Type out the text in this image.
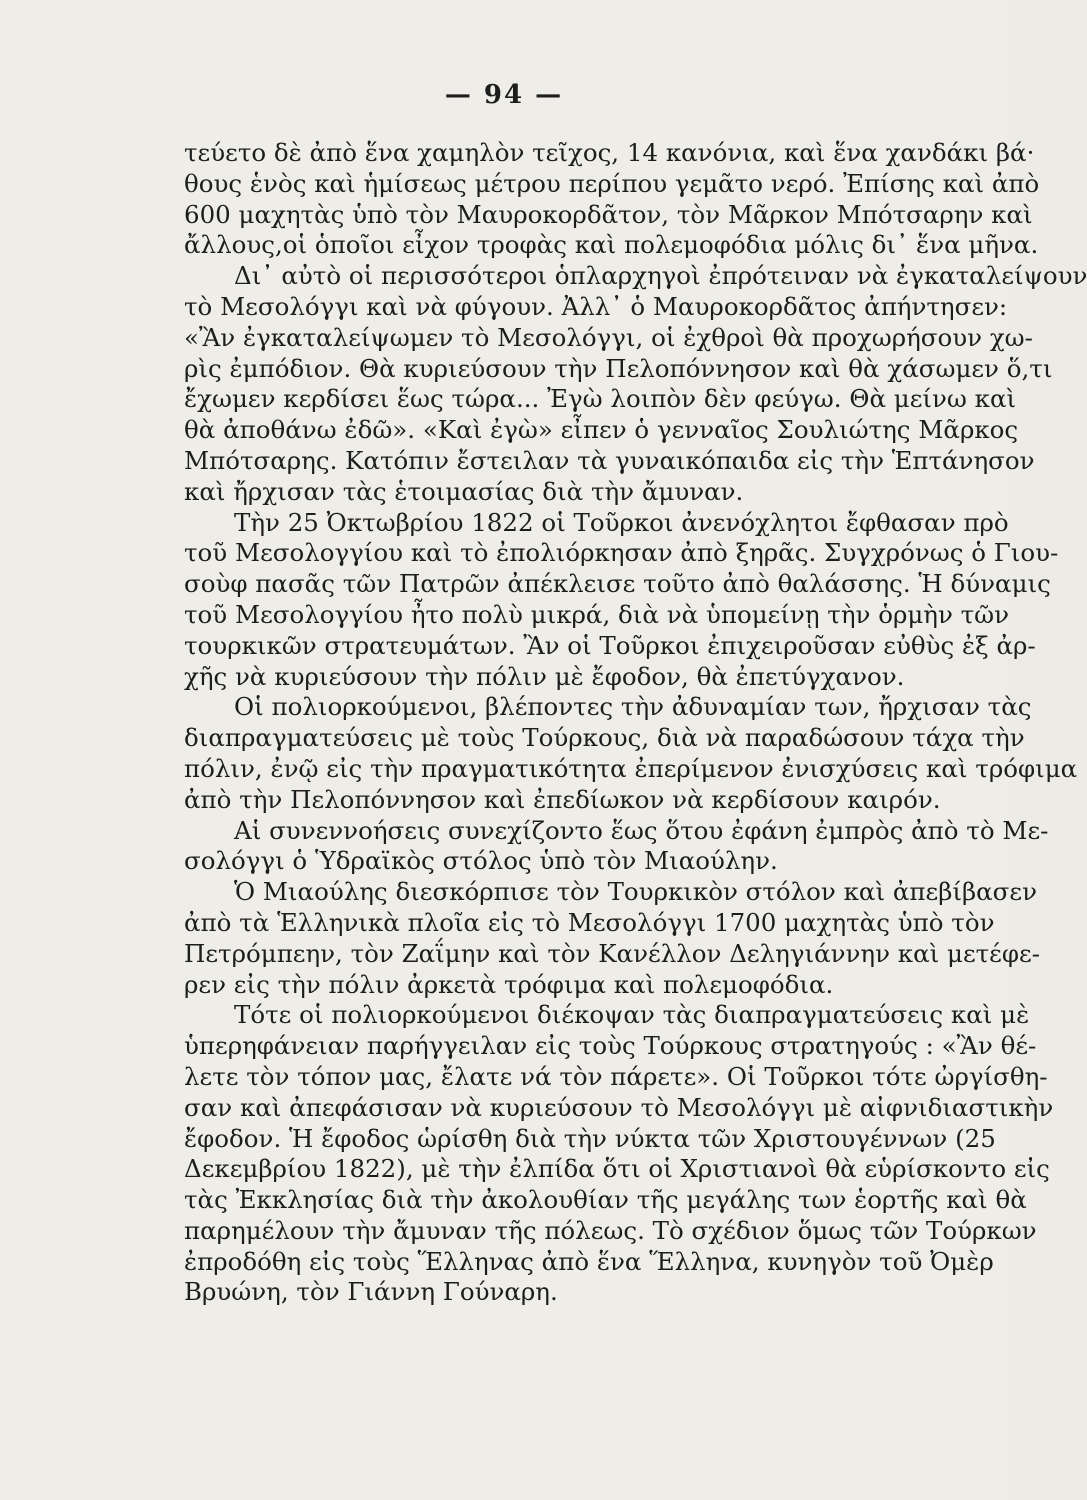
— 94 —
τεύετο δὲ ἀπὸ ἕνα χαμηλὸν τεῖχος, 14 κανόνια, καὶ ἕνα χανδάκι βά·
θους ἑνὸς καὶ ἡμίσεως μέτρου περίπου γεμᾶτο νερό. Ἐπίσης καὶ ἀπὸ
600 μαχητὰς ὑπὸ τὸν Μαυροκορδᾶτον, τὸν Μᾶρκον Μπότσαρην καὶ
ἄλλους,οἱ ὁποῖοι εἶχον τροφὰς καὶ πολεμοφόδια μόλις δι᾿ ἕνα μῆνα.
Δι᾿ αὐτὸ οἱ περισσότεροι ὁπλαρχηγοὶ ἐπρότειναν νὰ ἐγκαταλείψουν
τὸ Μεσολόγγι καὶ νὰ φύγουν. Ἀλλ᾿ ὁ Μαυροκορδᾶτος ἀπήντησεν:
«Ἂν ἐγκαταλείψωμεν τὸ Μεσολόγγι, οἱ ἐχθροὶ θὰ προχωρήσουν χω-
ρὶς ἐμπόδιον. Θὰ κυριεύσουν τὴν Πελοπόννησον καὶ θὰ χάσωμεν ὅ,τι
ἔχωμεν κερδίσει ἕως τώρα... Ἐγὼ λοιπὸν δὲν φεύγω. Θὰ μείνω καὶ
θὰ ἀποθάνω ἐδῶ». «Καὶ ἐγὼ» εἶπεν ὁ γενναῖος Σουλιώτης Μᾶρκος
Μπότσαρης. Κατόπιν ἔστειλαν τὰ γυναικόπαιδα εἰς τὴν Ἑπτάνησον
καὶ ἤρχισαν τὰς ἑτοιμασίας διὰ τὴν ἄμυναν.
Τὴν 25 Ὀκτωβρίου 1822 οἱ Τοῦρκοι ἀνενόχλητοι ἔφθασαν πρὸ
τοῦ Μεσολογγίου καὶ τὸ ἐπολιόρκησαν ἀπὸ ξηρᾶς. Συγχρόνως ὁ Γιου-
σοὺφ πασᾶς τῶν Πατρῶν ἀπέκλεισε τοῦτο ἀπὸ θαλάσσης. Ἡ δύναμις
τοῦ Μεσολογγίου ἦτο πολὺ μικρά, διὰ νὰ ὑπομείνῃ τὴν ὁρμὴν τῶν
τουρκικῶν στρατευμάτων. Ἂν οἱ Τοῦρκοι ἐπιχειροῦσαν εὐθὺς ἐξ ἀρ-
χῆς νὰ κυριεύσουν τὴν πόλιν μὲ ἔφοδον, θὰ ἐπετύγχανον.
Οἱ πολιορκούμενοι, βλέποντες τὴν ἀδυναμίαν των, ἤρχισαν τὰς
διαπραγματεύσεις μὲ τοὺς Τούρκους, διὰ νὰ παραδώσουν τάχα τὴν
πόλιν, ἐνῷ εἰς τὴν πραγματικότητα ἐπερίμενον ἐνισχύσεις καὶ τρόφιμα
ἀπὸ τὴν Πελοπόννησον καὶ ἐπεδίωκον νὰ κερδίσουν καιρόν.
Αἱ συνεννοήσεις συνεχίζοντο ἕως ὅτου ἐφάνη ἐμπρὸς ἀπὸ τὸ Με-
σολόγγι ὁ Ὑδραϊκὸς στόλος ὑπὸ τὸν Μιαούλην.
Ὁ Μιαούλης διεσκόρπισε τὸν Τουρκικὸν στόλον καὶ ἀπεβίβασεν
ἀπὸ τὰ Ἑλληνικὰ πλοῖα εἰς τὸ Μεσολόγγι 1700 μαχητὰς ὑπὸ τὸν
Πετρόμπεην, τὸν Ζαΐμην καὶ τὸν Κανέλλον Δεληγιάννην καὶ μετέφε-
ρεν εἰς τὴν πόλιν ἀρκετὰ τρόφιμα καὶ πολεμοφόδια.
Τότε οἱ πολιορκούμενοι διέκοψαν τὰς διαπραγματεύσεις καὶ μὲ
ὑπερηφάνειαν παρήγγειλαν εἰς τοὺς Τούρκους στρατηγούς : «Ἂν θέ-
λετε τὸν τόπον μας, ἔλατε νά τὸν πάρετε». Οἱ Τοῦρκοι τότε ὠργίσθη-
σαν καὶ ἀπεφάσισαν νὰ κυριεύσουν τὸ Μεσολόγγι μὲ αἰφνιδιαστικὴν
ἔφοδον. Ἡ ἔφοδος ὡρίσθη διὰ τὴν νύκτα τῶν Χριστουγέννων (25
Δεκεμβρίου 1822), μὲ τὴν ἐλπίδα ὅτι οἱ Χριστιανοὶ θὰ εὑρίσκοντο εἰς
τὰς Ἐκκλησίας διὰ τὴν ἀκολουθίαν τῆς μεγάλης των ἑορτῆς καὶ θὰ
παρημέλουν τὴν ἄμυναν τῆς πόλεως. Τὸ σχέδιον ὅμως τῶν Τούρκων
ἐπροδόθη εἰς τοὺς Ἕλληνας ἀπὸ ἕνα Ἕλληνα, κυνηγὸν τοῦ Ὀμὲρ
Βρυώνη, τὸν Γιάννη Γούναρη.
